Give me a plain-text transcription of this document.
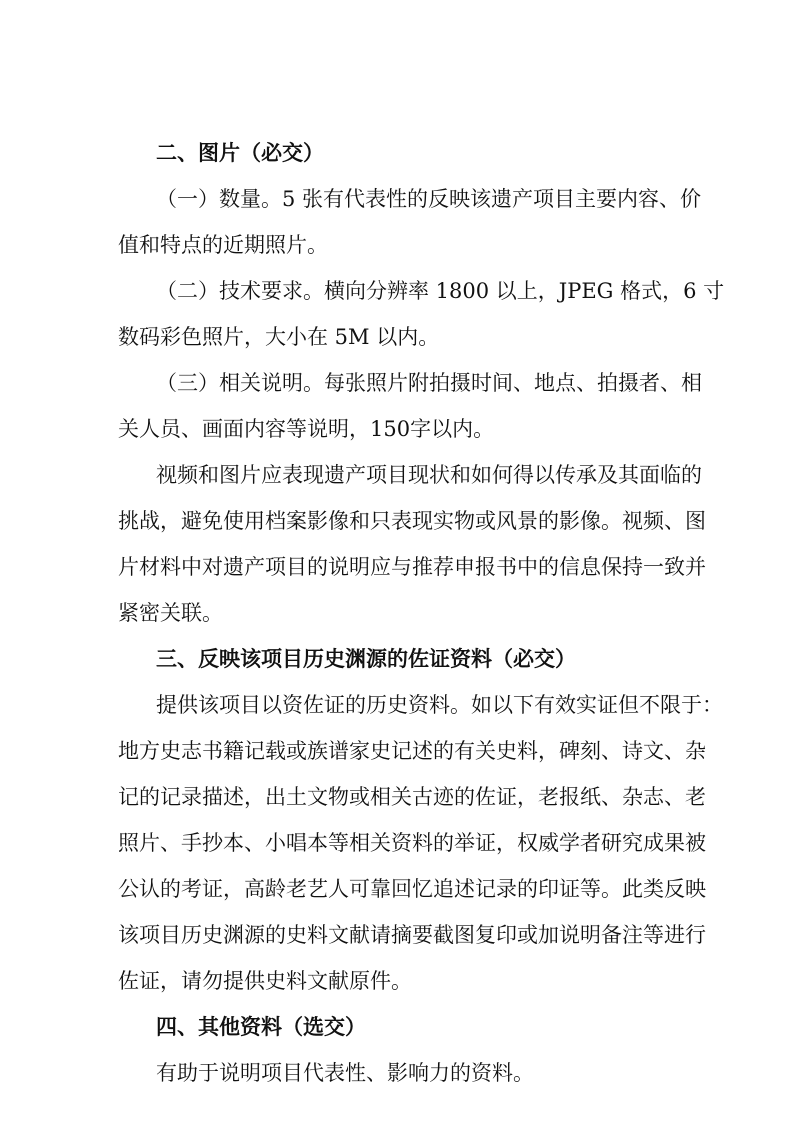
二、图片（必交）

（一）数量。5 张有代表性的反映该遗产项目主要内容、价
值和特点的近期照片。

（二）技术要求。横向分辨率 1800 以上，JPEG 格式，6 寸
数码彩色照片，大小在 5M 以内。

（三）相关说明。每张照片附拍摄时间、地点、拍摄者、相
关人员、画面内容等说明，150字以内。

视频和图片应表现遗产项目现状和如何得以传承及其面临的
挑战，避免使用档案影像和只表现实物或风景的影像。视频、图
片材料中对遗产项目的说明应与推荐申报书中的信息保持一致并
紧密关联。

三、反映该项目历史渊源的佐证资料（必交）

提供该项目以资佐证的历史资料。如以下有效实证但不限于：
地方史志书籍记载或族谱家史记述的有关史料，碑刻、诗文、杂
记的记录描述，出土文物或相关古迹的佐证，老报纸、杂志、老
照片、手抄本、小唱本等相关资料的举证，权威学者研究成果被
公认的考证，高龄老艺人可靠回忆追述记录的印证等。此类反映
该项目历史渊源的史料文献请摘要截图复印或加说明备注等进行
佐证，请勿提供史料文献原件。

四、其他资料（选交）

有助于说明项目代表性、影响力的资料。
